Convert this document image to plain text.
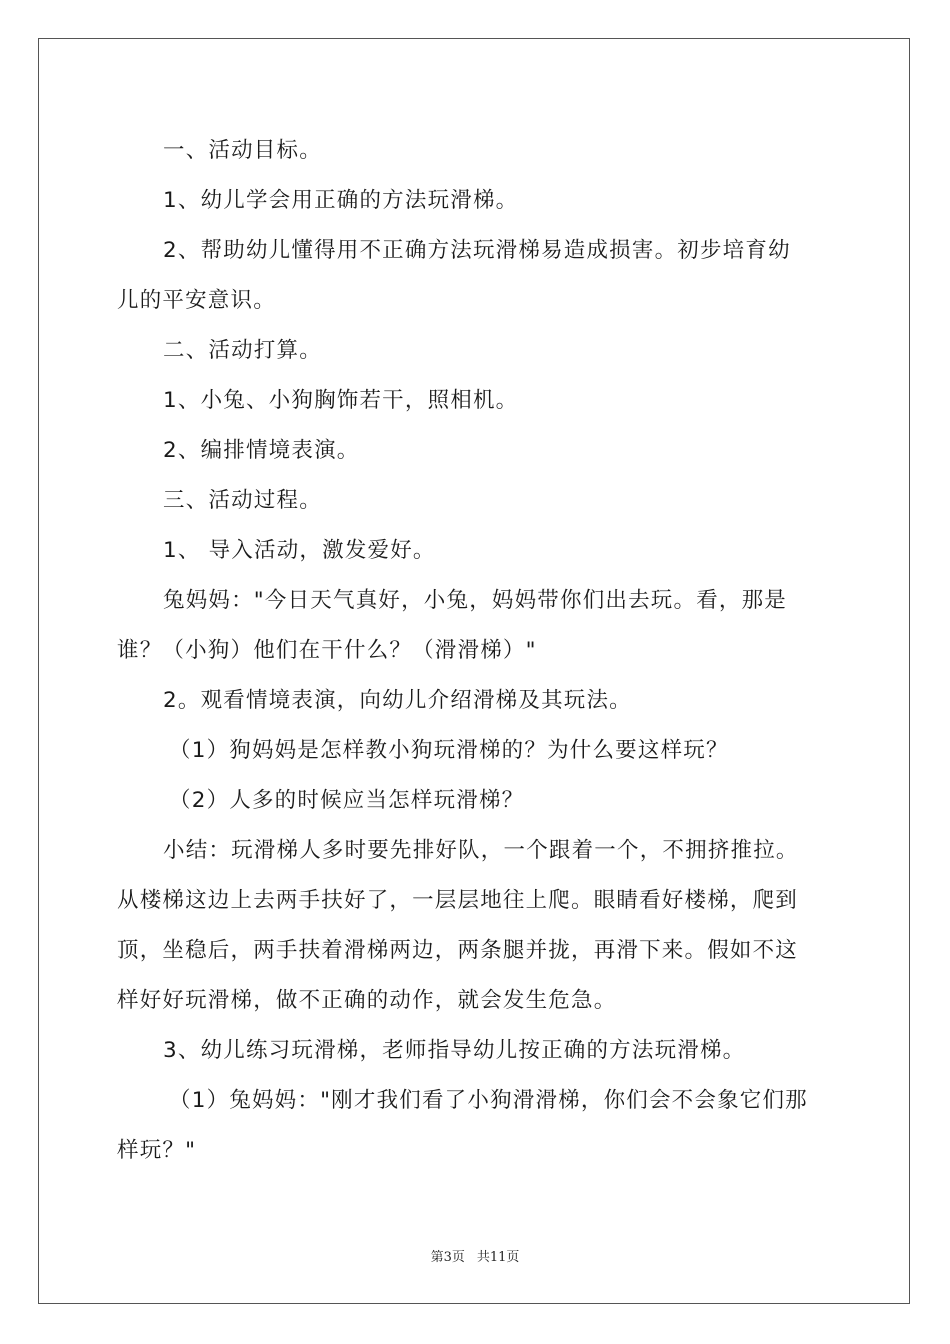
一、活动目标。
1、幼儿学会用正确的方法玩滑梯。
2、帮助幼儿懂得用不正确方法玩滑梯易造成损害。初步培育幼
儿的平安意识。
二、活动打算。
1、小兔、小狗胸饰若干，照相机。
2、编排情境表演。
三、活动过程。
1、 导入活动，激发爱好。
兔妈妈："今日天气真好，小兔，妈妈带你们出去玩。看，那是
谁？（小狗）他们在干什么？（滑滑梯）"
2。观看情境表演，向幼儿介绍滑梯及其玩法。
（1）狗妈妈是怎样教小狗玩滑梯的？为什么要这样玩？
（2）人多的时候应当怎样玩滑梯？
小结：玩滑梯人多时要先排好队，一个跟着一个，不拥挤推拉。
从楼梯这边上去两手扶好了，一层层地往上爬。眼睛看好楼梯，爬到
顶，坐稳后，两手扶着滑梯两边，两条腿并拢，再滑下来。假如不这
样好好玩滑梯，做不正确的动作，就会发生危急。
3、幼儿练习玩滑梯，老师指导幼儿按正确的方法玩滑梯。
（1）兔妈妈："刚才我们看了小狗滑滑梯，你们会不会象它们那
样玩？"
第3页 共11页
